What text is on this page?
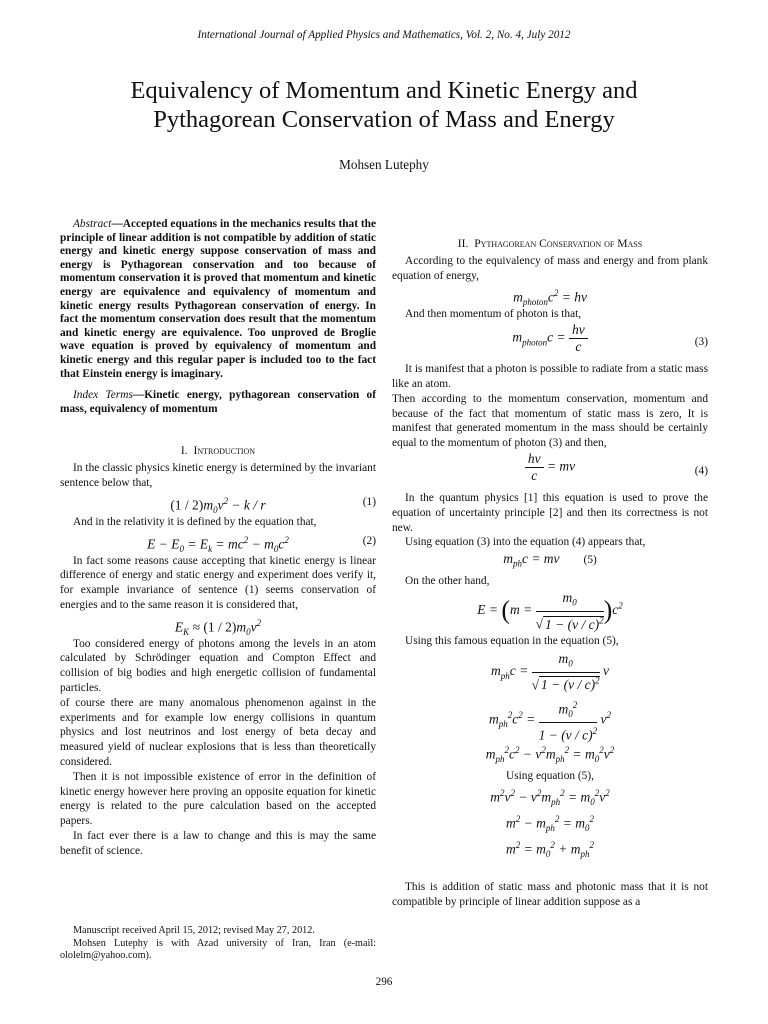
International Journal of Applied Physics and Mathematics, Vol. 2, No. 4, July 2012
Equivalency of Momentum and Kinetic Energy and
Pythagorean Conservation of Mass and Energy
Mohsen Lutephy

Abstract—Accepted equations in the mechanics results that the principle of linear addition is not compatible by addition of static energy and kinetic energy suppose conservation of mass and energy is Pythagorean conservation and too because of momentum conservation it is proved that momentum and kinetic energy are equivalence and equivalency of momentum and kinetic energy results Pythagorean conservation of energy. In fact the momentum conservation does result that the momentum and kinetic energy are equivalence. Too unproved de Broglie wave equation is proved by equivalency of momentum and kinetic energy and this regular paper is included too to the fact that Einstein energy is imaginary.

Index Terms—Kinetic energy, pythagorean conservation of mass, equivalency of momentum

I. Introduction

In the classic physics kinetic energy is determined by the invariant sentence below that,

$(1 / 2)m_0v^2 - k / r$	(1)

And in the relativity it is defined by the equation that,

$E - E_0 = E_k = mc^2 - m_0c^2$	(2)

In fact some reasons cause accepting that kinetic energy is linear difference of energy and static energy and experiment does verify it, for example invariance of sentence (1) seems conservation of energies and to the same reason it is considered that,

$E_K \approx (1 / 2)m_0v^2$

Too considered energy of photons among the levels in an atom calculated by Schrödinger equation and Compton Effect and collision of big bodies and high energetic collision of fundamental particles.

of course there are many anomalous phenomenon against in the experiments and for example low energy collisions in quantum physics and lost neutrinos and lost energy of beta decay and measured yield of nuclear explosions that is less than theoretically considered.

Then it is not impossible existence of error in the definition of kinetic energy however here proving an opposite equation for kinetic energy is related to the pure calculation based on the accepted papers.

In fact ever there is a law to change and this is may the same benefit of science.

Manuscript received April 15, 2012; revised May 27, 2012.

Mohsen Lutephy is with Azad university of Iran, Iran (e-mail: ololelm@yahoo.com).

II. Pythagorean Conservation of Mass

According to the equivalency of mass and energy and from plank equation of energy,

$m_{photon}c^2 = h\nu$

And then momentum of photon is that,

$m_{photon}c = \frac{h\nu}{c}$	(3)

It is manifest that a photon is possible to radiate from a static mass like an atom.

Then according to the momentum conservation, momentum and because of the fact that momentum of static mass is zero, It is manifest that generated momentum in the mass should be certainly equal to the momentum of photon (3) and then,

$\frac{h\nu}{c}$ = mv	(4)

In the quantum physics [1] this equation is used to prove the equation of uncertainty principle [2] and then its correctness is not new.

Using equation (3) into the equation (4) appears that,

$m_{ph}c$ = mv (5)

On the other hand,

$E = (m = \frac{m_0}{√ 1 - (v / c)^2} )c^2$

Using this famous equation in the equation (5),

$m_{ph}c = \frac{m_0}{√ 1 - (v / c)^2}$ v
$m_{ph}^2c^2 = \frac{m_0^2}{1 - (v / c)^2} v^2$
$m_{ph}^2c^2 - v^2m_{ph}^2 = m_0^2v^2$
Using equation (5),
$m^2v^2 - v^2m_{ph}^2 = m_0^2v^2$
$m^2 - m_{ph}^2 = m_0^2$
$m^2 = m_0^2 + m_{ph}^2$

This is addition of static mass and photonic mass that it is not compatible by principle of linear addition suppose as a

296
